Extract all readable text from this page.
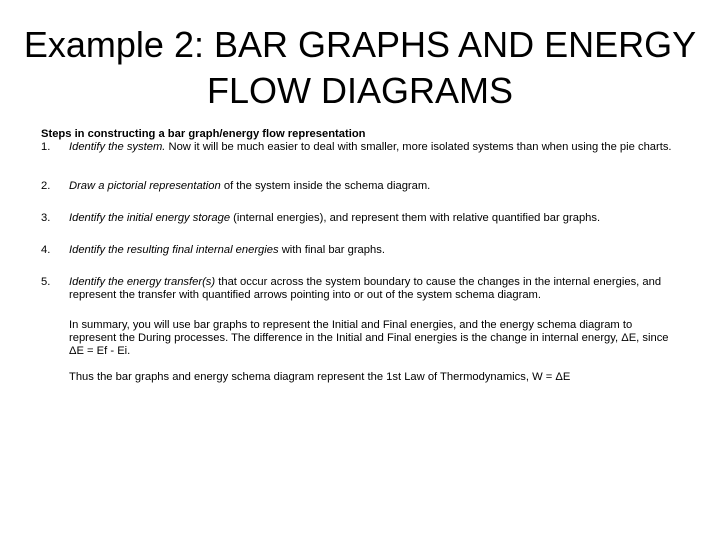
Example 2: BAR GRAPHS AND ENERGY
FLOW DIAGRAMS

Steps in constructing a bar graph/energy flow representation

1.	Identify the system. Now it will be much easier to deal with smaller, more isolated systems than when using the pie charts.
2.	Draw a pictorial representation of the system inside the schema diagram.
3.	Identify the initial energy storage (internal energies), and represent them with relative quantified bar graphs.
4.	Identify the resulting final internal energies with final bar graphs.
5.	Identify the energy transfer(s) that occur across the system boundary to cause the changes in the internal energies, and represent the transfer with quantified arrows pointing into or out of the system schema diagram.

In summary, you will use bar graphs to represent the Initial and Final energies, and the energy schema diagram to represent the During processes. The difference in the Initial and Final energies is the change in internal energy, ΔE, since ΔE = Ef - Ei.

Thus the bar graphs and energy schema diagram represent the 1st Law of Thermodynamics, W = ΔE
